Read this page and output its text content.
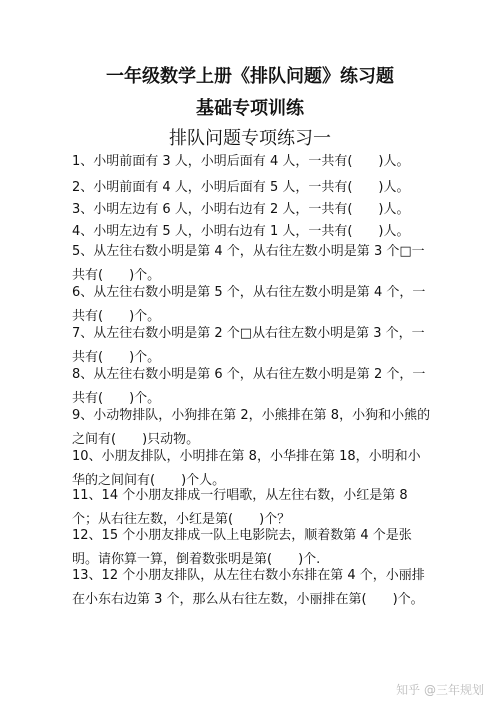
一年级数学上册《排队问题》练习题
基础专项训练
排队问题专项练习一

1、小明前面有 3 人，小明后面有 4 人，一共有(　　)人。

2、小明前面有 4 人，小明后面有 5 人，一共有(　　)人。

3、小明左边有 6 人，小明右边有 2 人，一共有(　　)人。

4、小明左边有 5 人，小明右边有 1 人，一共有(　　)人。

5、从左往右数小明是第 4 个，从右往左数小明是第 3 个□一共有(　　)个。

6、从左往右数小明是第 5 个，从右往左数小明是第 4 个，一共有(　　)个。

7、从左往右数小明是第 2 个□从右往左数小明是第 3 个，一共有(　　)个。

8、从左往右数小明是第 6 个，从右往左数小明是第 2 个，一共有(　　)个。

9、小动物排队，小狗排在第 2，小熊排在第 8，小狗和小熊的之间有(　　)只动物。

10、小朋友排队，小明排在第 8，小华排在第 18，小明和小华的之间间有(　　)个人。

11、14 个小朋友排成一行唱歌，从左往右数，小红是第 8 个；从右往左数，小红是第(　　)个？

12、15 个小朋友排成一队上电影院去，顺着数第 4 个是张明。请你算一算，倒着数张明是第(　　)个.

13、12 个小朋友排队，从左往右数小东排在第 4 个，小丽排在小东右边第 3 个，那么从右往左数，小丽排在第(　　)个。

知乎 @三年规划
